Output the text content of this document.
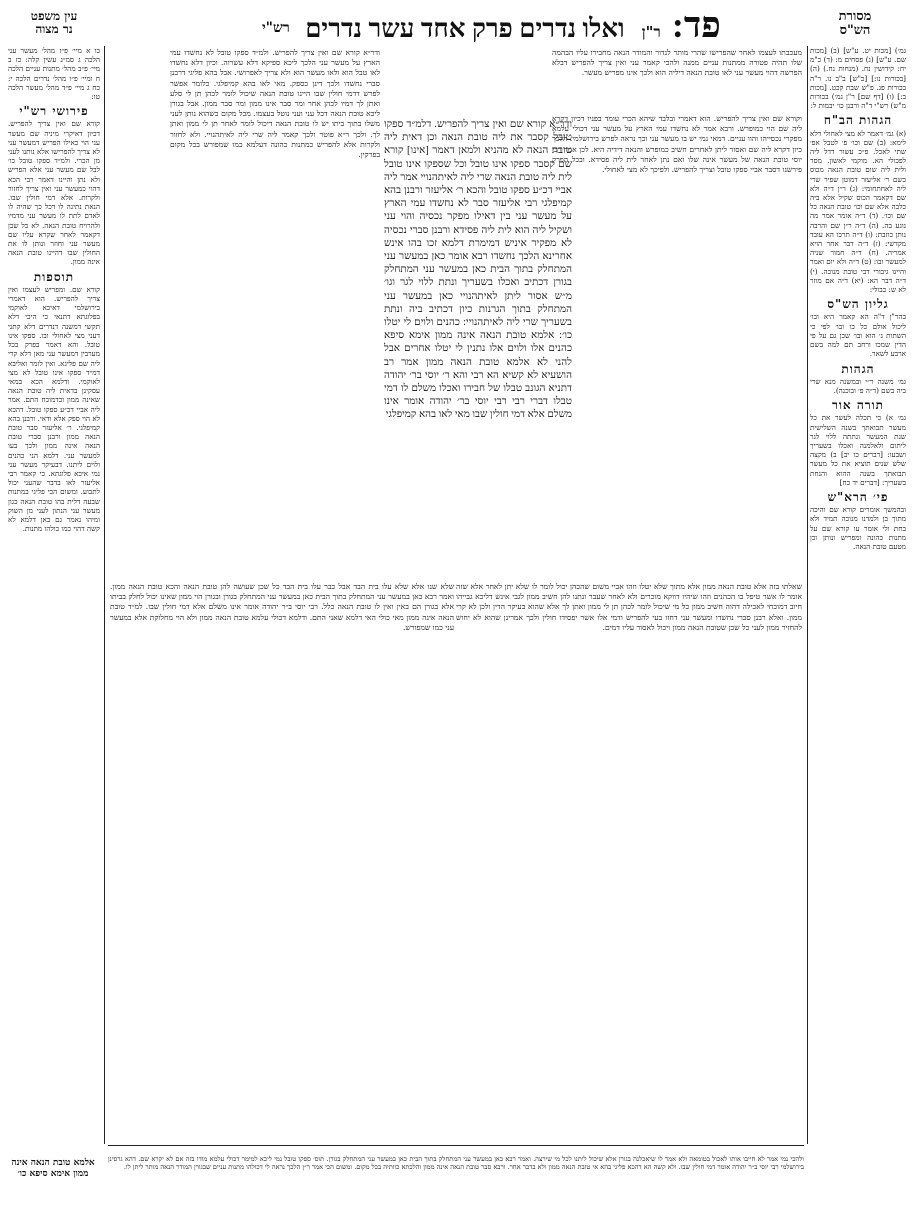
מסורת
הש"ס
פד: ר"ן ואלו נדרים פרק אחד עשר נדרים
רש"י
עין משפט
נר מצוה

גמ׳) [מכות יט. ע"ש] (ב) [מכות שם. ע"ש] (ג) פסחים מ: (ד) כ"מ יח: קידושין נח. (מנחות נח.) (ה) [בכורות נו:] [כ"ש] ב"ב נו. ר"ה בכורות פג. פ"ש שבת קכט. [מכות ב:] (ו) [דף שם] ר"ן גמ׳) בכורות מ"ש) רש"י ד"ה ורבנן כו׳ יבמות ל:

הגהות הב"ח

(א) גמ׳ דאמר לא מצי לאחולי דלא לימא: (ב) שם וכו׳ פ׳ לטבל אפ׳ שתי לאכל. פ״כ עשור דדל ליה לפכולי הא. מוקמי לאשון. מסר ולית ליה שום טובת הנאה מכוס בשם ר׳ אליעזר דמוטן שפיר שרי ליה לאחתחומי: (ג) ר״ן ד״ה ולא שם דקאמר הכוס שקיל אלא ביה כלבה אלא שם וכו׳ טובת הנאה כל שם וכו׳. (ד) ד״ה אומר אמר מה נוגע בה. (ה) ד״ה ר״ן שם והרבה נותן כוזבת: (ו) ד״ה תרכו הא עובד מקדשי: (ז) ד״ה דבר אחר הויא אמריה. (ח) ד״ה חמור שניה למעשר ובו: (ט) ד״ה ולא יום ואמר והיינו גיבורי דבי טובת מנוכה. (י) ד״ה דבר הא: (יא) ד״ה אם מוזר לא ש: כבולי:

גליון הש"ס

בהר"ן ד"ה הא קאמר היא ובו׳ ליכול אולם כל כו ובו׳ לפי כי השתות ג׳ הוא ובו׳ שכן גם על פי הדין שמכו ורחב תם למה בשם ארבע לשאר.

הגהות

גמ׳ משנה ר״י ובמשנה מנא שרי ביה בשם (ד״ה פ׳ ובוכנה).

תורה אור

גמ׳ א) כי תכלה לעשר את כל מעשר תבואתך בשנה השלישית שנת המעשר ונתתה ללוי לגר ליתום ולאלמנה ואכלו בשעריך ושבעו: [דברים כו יב] ב) מקצה שלש שנים תוציא את כל מעשר תבואתך בשנה ההוא והנחת בשעריך: [דברים יד כח]

פי׳ הרא"ש

ובהמשך אומרים קורא שם והיכה מתוך בן ולמדנו מנוכה תמיד ולא בחת ולי אומר עו קורא שם על מתנות כהונה ומפריש ונותן וכן מטעם טובת הנאה.

כו א מיי׳ פ״ז מהל׳ מעשר עני הלכה ג סמ״ג עשין קלה: כז ב מיי׳ פ״ב מהל׳ מתנות עניים הלכה ח ומיי׳ פ״ו מהל׳ נדרים הלכה י: כח ג מיי׳ פ״ד מהל׳ מעשר הלכה טו:

פירושי רש"י

קורא שם ואין צריך להפריש. דכיון דאיקרי מיניה שם מעשר עני הוי כאילו הפריש דמעשר עני לא צריך להפרישו אלא נותנו לעני מן הכרי. ולמ״ד ספקו טובל כו׳ לבל שם מעשר עני אלא הפריש ולא נתן והיינו דאמר רבי הכא דהוי כמעשר עני ואין צריך לחזור ולקרות. אלא דמי חולין שבו. הנאת נתינה לו דכל כך שהיה לו לאדם לתת לו מעשר עני מדמיו ולהרויח טובת הנאה. לא כל שכן דקאמר לאחר שקרא עליו שם מעשר עני וחוזר ונותן לו את החולין שבו דהיינו טובת הנאה אינה ממון.

תוספות

קורא שם. ומפריש לעצמו ואין צריך להפריש. הוא דאמרי בירושלמי דאיכא לאוקמי בפלוגתא דתנאי כי היכי דלא תקשי דמשנה דנדרים דלא קתני דעני מצי לאחולי ובו. ספקו אינו טובל. והא דאמר בפרק בכל מערבין דמעשר עני מאן דלא קרי ליה שם פליגא. ואין לומר ואליבא דמ״ד ספקו אינו טובל לא מצי לאוקמי. ודלמא הכא במאי עסקינן בדאית ליה טובת הנאה שאינה ממון וכדמוכח התם. אמר ליה אביי דכ״ע ספקו טובל. דהכא לא הוי ספק אלא ודאי. ורבנן בהא קמיפלגי. ר׳ אליעזר סבר טובת הנאה ממון ורבנן סברי טובת הנאה אינה ממון ולכך בעו למעשר עני. דלמא הני כהנים ולוים ליתנו. דבעיקר מעשר עני נמי איכא פלוגתא. כי קאמר רבי אליעזר לאו בדבר שהעני יכול לתבוע. ומשום הכי פליגי במתנות שבעה דלית בהו טובת הנאה כגון מעשר עני הנתון לעני מן השוק ומיהו נאמר גם כאן דלמא לא קשה דהוי כמו כולהו מתנות.

מעכבתו לעצמו לאחר שהפרישו שהרי מותר לנדור והמודר הנאה מחבירו עליו הבהמה שלו תהיה פטורה ממתנות עניים ממנה ולהכי קאמר עני ואין צריך להפריש דבלא הפרשה דהוי מעשר עני לאו טובת הנאה דיליה הוא ולכך אינו מפריש מעשר.

וקורא שם ואין צריך להפריש. הוא דאמרי ובלבד שיהא הכרי עומד בפניו דכיון דקרא ליה שם הוי כמופרש. ורבא אמר לא נחשדו עמי הארץ על מעשר עני דכולי עלמא מפקרי נכסייהו והוו עניים. דמאי נמי יש בו מעשר עני וכך נראה לפרש בירושלמי. הלכך כיון דקרא ליה שם ואסור ליתן לאחרים חשיב כמופרש והנאה דידיה היא. לכן אמר רבי יוסי טובת הנאה של מעשר אינה שלו ואם נתן לאחר לית ליה פסידא. ובכל הפרק פירשנו דסבר אביי ספקו טובל וצריך להפריש. ולפיכך לא מצי לאחולי.

ודר״א קורא שם ואין צריך להפריש. ולמ״ד ספקו טובל לא נחשדו עמי הארץ על מעשר עני הלכך ליכא ספיקא דלא עשרוה. וכיון דלא נחשדו לאו טבל הוא ולאו מעשר הוא ולא צריך לאפרושי. אבל בהא פליגי דרבנן סברי נחשדו ולכך דינן כספק. מאי לאו בהא קמיפלגי. כלומר אפשר לפרש דדמי חולין שבו היינו טובת הנאה שיכול לומר לכהן תן לי סלע ואתן לך דמיו לכהן אחר ומר סבר אינו ממון ומר סבר ממון. אבל בגורן ליכא טובת הנאה דכל עני ועני נוטל בעצמו. מכל מקום כשהוא נותן לעני משלו בתוך ביתו יש לו טובת הנאה דיכול לומר לאחר תן לי ממון ואתן לך. ולכך ר״א פוטר ולכך קאמר ליה שרי ליה לאיתהנויי. ולא לחזור ולקרות אלא להפריש כמתנות כהונה דעלמא כמו שמפורש בכל מקום בפרקין.

ודר״א קורא שם ואין צריך להפריש. דלמ״ד ספקו טובל קסבר את ליה טובת הנאה וכן דאית ליה טובת הנאה לא מהניא ולמאן דאמר [אינו] קורא שם קסבר ספקו אינו טובל וכל שספקו אינו טובל לית ליה טובת הנאה שרי ליה לאיתהנויי אמר ליה אביי דכ״ע ספקו טובל והכא ר׳ אליעזר ורבנן בהא קמיפלגי רבי אליעזר סבר לא נחשדו עמי הארץ על מעשר עני בין דאילו מפקר נכסיה והוי עני ושקיל ליה הוא לית ליה פסידא ורבנן סברי נכסיה לא מפקיר איניש דמימרת דלמא זכו בהו אינש אחרינא הלכך נחשדו רבא אומר כאן במעשר עני המתחלק בתוך הבית כאן במעשר עני המתחלק בגורן דכתיב ואכלו בשעריך ונתת ללוי לגר וגו׳ מ״ש אסור ליתן לאיתהנויי כאן במעשר עני המתחלק בתוך הגרנות כיון דכתיב ביה ונתת בשעריך שרי ליה לאיתהנויי: כהנים ולוים לי יטלו כו׳: אלמא טובת הנאה אינה ממון אימא סיפא כהנים אלו ולוים אלו נתנין לי יטלו אחרים אבל להני לא אלמא טובת הנאה ממון אמר רב הושעיא לא קשיא הא רבי והא ר׳ יוסי בר׳ יהודה דתניא הגונב טבלו של חבירו ואכלו משלם לו דמי טבלו דברי רבי רבי יוסי בר׳ יהודה אומר אינו משלם אלא דמי חולין שבו מאי לאו בהא קמיפלגי

שאלתו בזה אלא טובת הנאה ממון אלא מתוך שלא יטלו וזהו אביי משום שהכהן יכול לומר לו שלא יתן לאחר אלא שזה אומר לו אשר טיפל בו הכהנים וזהו שיהיו דווקא מוכרים ולא לאחר שעבר ונתנו להן חשיב ממון לגבי אינש דליכא גבייהו חיוב דמוכחי לאכילה דהוה חשיב ממון כל מי שיכול לומר לכהן תן לי ממון ואתן לך אלא שהוא בעיקר הדין ולכן לא קרי ממון. ואלא רבנן סברי נחשדו ומעשר עני דחזו בעי להפריש ודמי אלו אשר יפסידו חולין ולכך אמרינן שהוא לא יחוש להחזיר ממון לעני כל שכן שטובת הנאה ממון ויכול לאסור עליו דמים.

שלא שנו אלא שלא עלו בית הבד אבל כבר עלו בית הבד כל שכן שעושה להן טובת הנאה והכא טובת הנאה ממון. ואמר רבא כאן במעשר עני המתחלק בתוך הבית כאן במעשר עני המתחלק בגורן ובגורן הוי ממון שאינו יכול לחלק בביתו אלא בגורן הם באין ואין לו טובת הנאה כלל. רבי יוסי ב״ר יהודה אומר אינו משלם אלא דמי חולין שבו. למ״ד טובת הנאה אינה ממון מאי כולי האי דלמא שאני התם. ודלמא דכולי עלמא טובת הנאה ממון ולא הוי מחלוקת אלא במעשר עני כמו שמפורש.

ולהכי נמי אמר לא חייבו אותו לאכול בטומאה ולא אמר לו שיאכלנה בגורן אלא שיכול ליתנו לכל מי שירצה. ואמר רבא כאן במעשר עני המתחלק בתוך הבית כאן במעשר עני המתחלק בגורן. תוס׳ ספקו טובל נמי ליכא למימר דכולי עלמא מודו בזה אם לא יקרא שם. דהא גרסינן בירושלמי רבי יוסי ב״ר יהודה אומר דמי חולין שבו. ולא קשה הא דהכא פליגי בהא אי טובת הנאה ממון ולא בדבר אחר. ורבא סבר טובת הנאה אינה ממון והלכתא כוותיה בכל מקום. ומשום הכי אמר ר״ן הלכך נראה לי דכולהו מתנות עניים שבגורן המודר הנאה מותר ליתן לו.

אלמא טובת הנאה אינה ממון אימא סיפא כו׳
